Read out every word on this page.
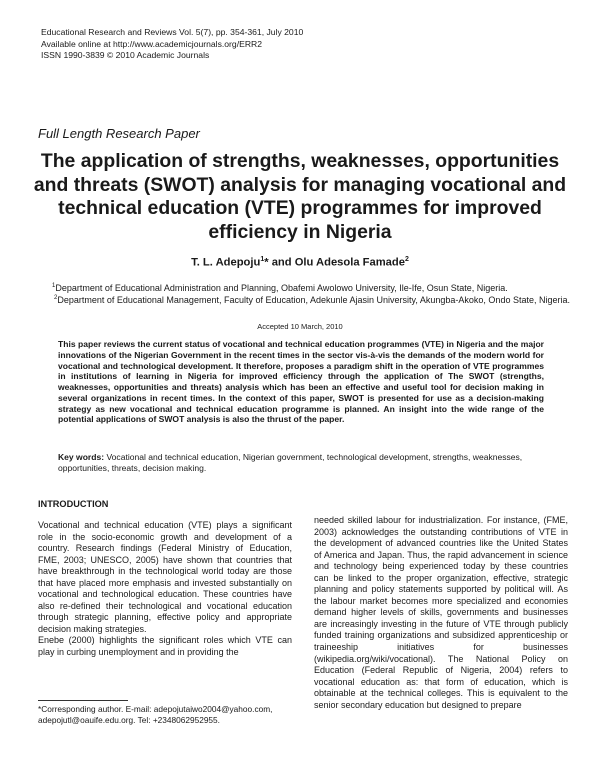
Educational Research and Reviews Vol. 5(7), pp. 354-361, July 2010
Available online at http://www.academicjournals.org/ERR2
ISSN 1990-3839 © 2010 Academic Journals
Full Length Research Paper
The application of strengths, weaknesses, opportunities and threats (SWOT) analysis for managing vocational and technical education (VTE) programmes for improved efficiency in Nigeria
T. L. Adepoju$^1$* and Olu Adesola Famade$^2$
$^1$Department of Educational Administration and Planning, Obafemi Awolowo University, Ile-Ife, Osun State, Nigeria.
$^2$Department of Educational Management, Faculty of Education, Adekunle Ajasin University, Akungba-Akoko, Ondo State, Nigeria.
Accepted 10 March, 2010
This paper reviews the current status of vocational and technical education programmes (VTE) in Nigeria and the major innovations of the Nigerian Government in the recent times in the sector vis-à-vis the demands of the modern world for vocational and technological development. It therefore, proposes a paradigm shift in the operation of VTE programmes in institutions of learning in Nigeria for improved efficiency through the application of The SWOT (strengths, weaknesses, opportunities and threats) analysis which has been an effective and useful tool for decision making in several organizations in recent times. In the context of this paper, SWOT is presented for use as a decision-making strategy as new vocational and technical education programme is planned. An insight into the wide range of the potential applications of SWOT analysis is also the thrust of the paper.
Key words: Vocational and technical education, Nigerian government, technological development, strengths, weaknesses, opportunities, threats, decision making.
INTRODUCTION

Vocational and technical education (VTE) plays a significant role in the socio-economic growth and development of a country. Research findings (Federal Ministry of Education, FME, 2003; UNESCO, 2005) have shown that countries that have breakthrough in the technological world today are those that have placed more emphasis and invested substantially on vocational and technological education. These countries have also re-defined their technological and vocational education through strategic planning, effective policy and appropriate decision making strategies.

Enebe (2000) highlights the significant roles which VTE can play in curbing unemployment and in providing the

needed skilled labour for industrialization. For instance, (FME, 2003) acknowledges the outstanding contributions of VTE in the development of advanced countries like the United States of America and Japan. Thus, the rapid advancement in science and technology being experienced today by these countries can be linked to the proper organization, effective, strategic planning and policy statements supported by political will. As the labour market becomes more specialized and economies demand higher levels of skills, governments and businesses are increasingly investing in the future of VTE through publicly funded training organizations and subsidized apprenticeship or traineeship initiatives for businesses (wikipedia.org/wiki/vocational). The National Policy on Education (Federal Republic of Nigeria, 2004) refers to vocational education as: that form of education, which is obtainable at the technical colleges. This is equivalent to the senior secondary education but designed to prepare

*Corresponding author. E-mail: adepojutaiwo2004@yahoo.com,
adepojutl@oauife.edu.org. Tel: +2348062952955.
